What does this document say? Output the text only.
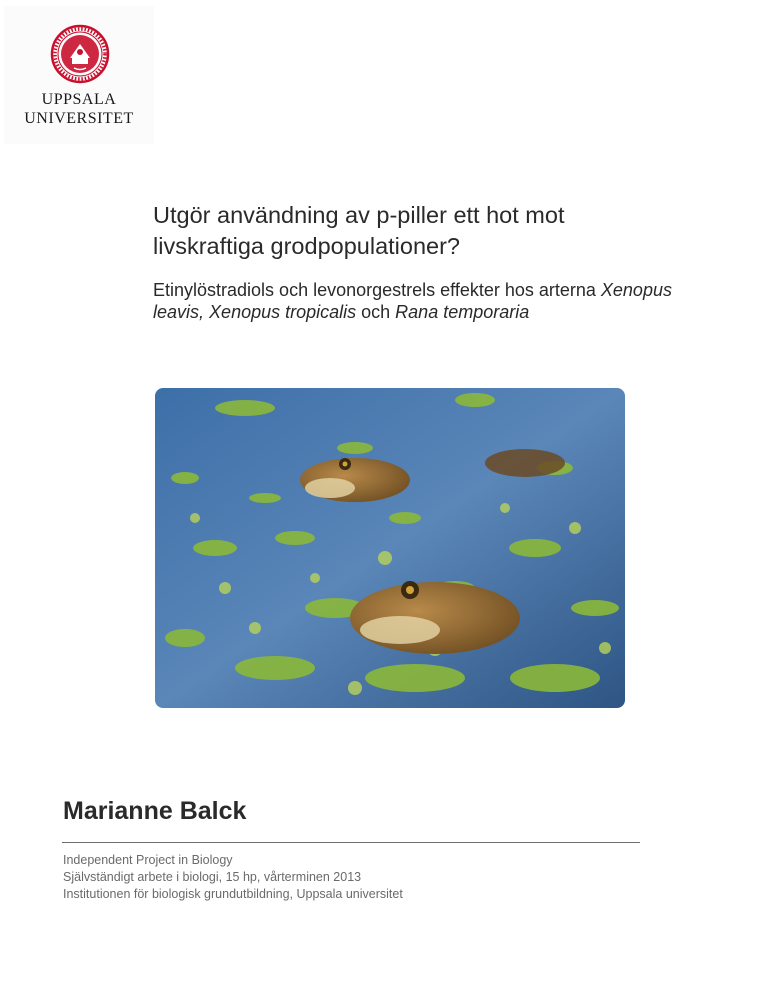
UPPSALA
UNIVERSITET
Utgör användning av p-piller ett hot mot livskraftiga grodpopulationer?

Etinylöstradiols och levonorgestrels effekter hos arterna Xenopus leavis, Xenopus tropicalis och Rana temporaria

Marianne Balck
Independent Project in Biology
Självständigt arbete i biologi, 15 hp, vårterminen 2013
Institutionen för biologisk grundutbildning, Uppsala universitet
